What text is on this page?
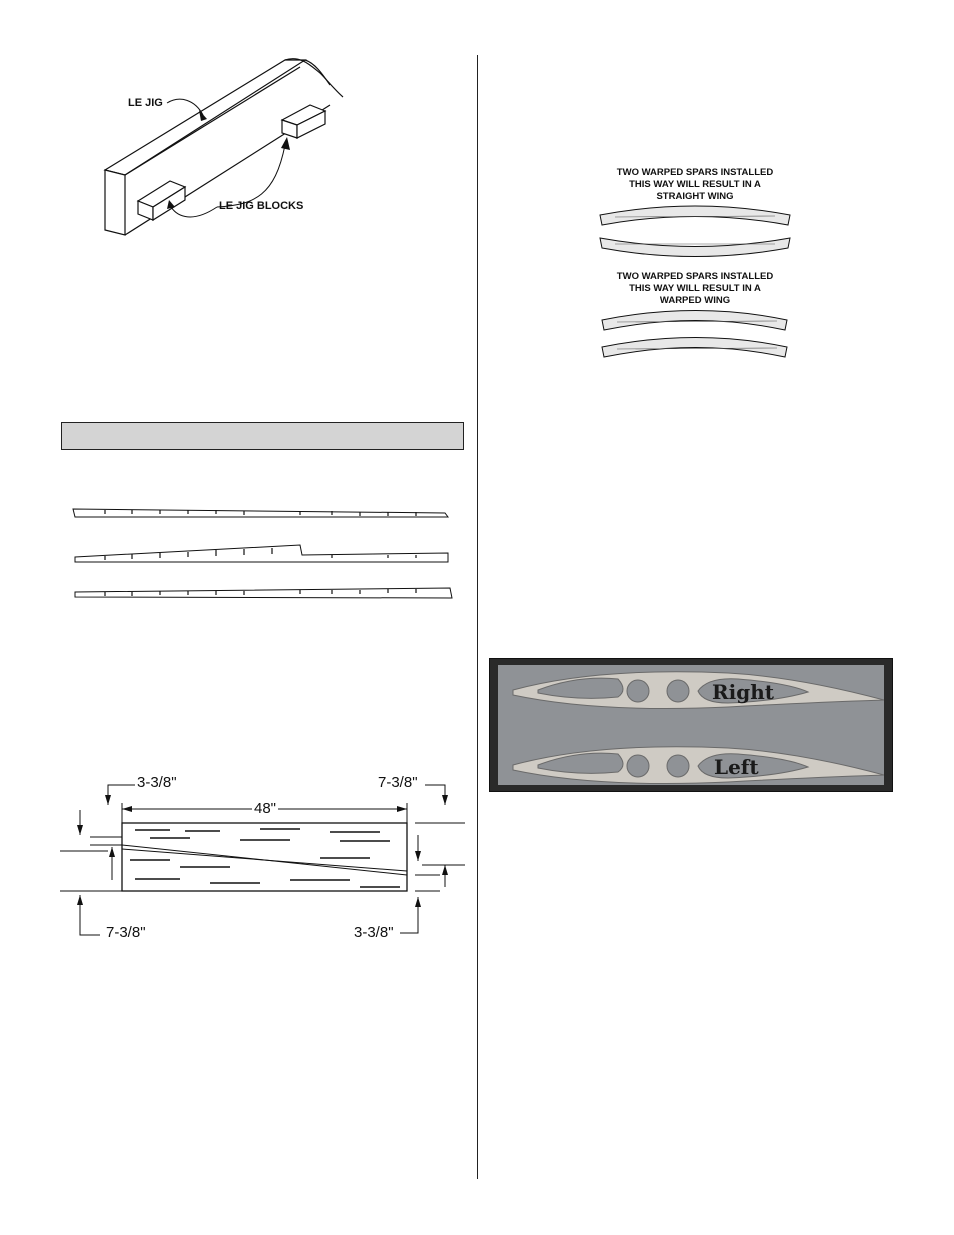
LE JIG
LE JIG BLOCKS
3-3/8"	7-3/8"
48"
7-3/8"	3-3/8"
TWO WARPED SPARS INSTALLED
THIS WAY WILL RESULT IN A
STRAIGHT WING
TWO WARPED SPARS INSTALLED
THIS WAY WILL RESULT IN A
WARPED WING
Right
Left
